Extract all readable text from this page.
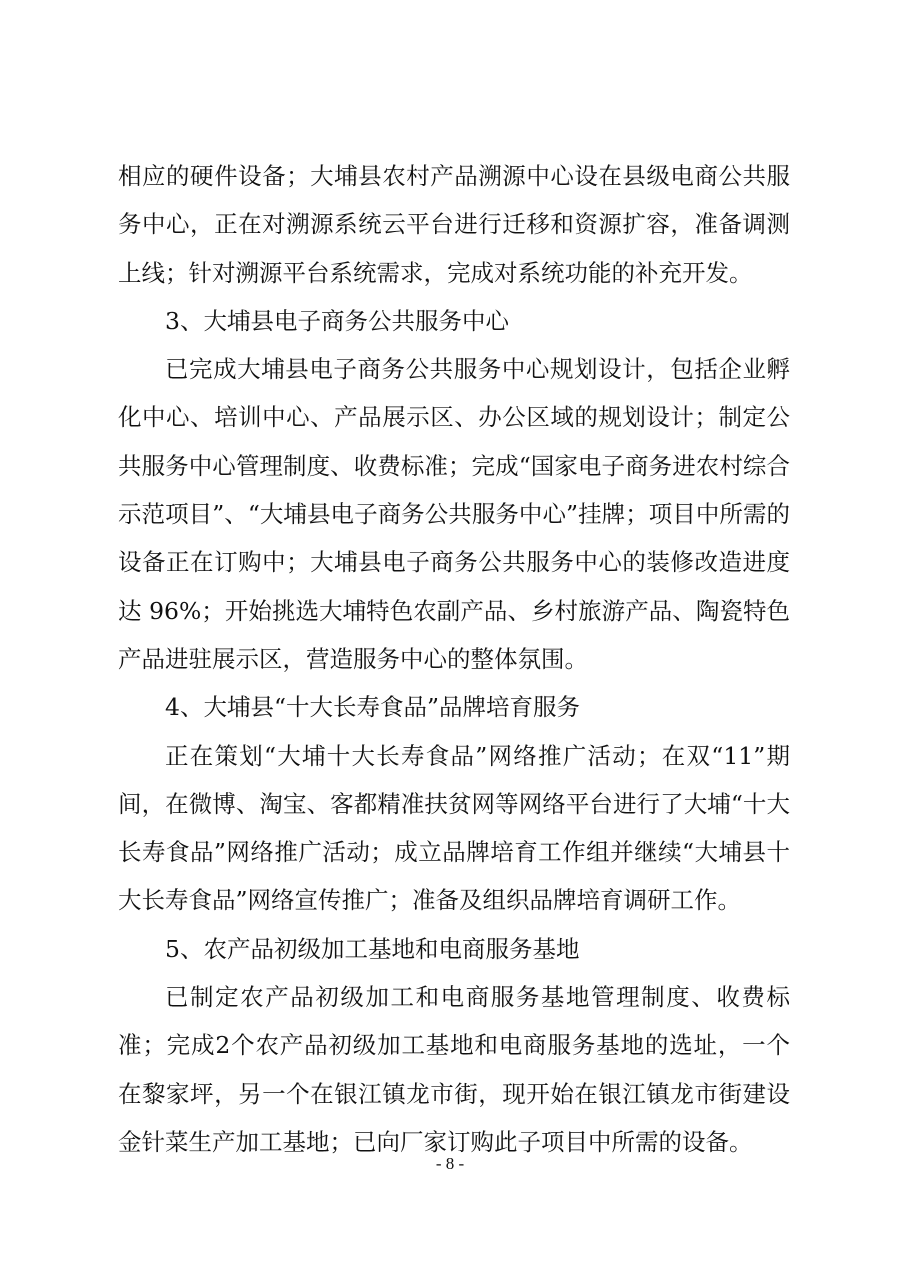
相应的硬件设备；大埔县农村产品溯源中心设在县级电商公共服务中心，正在对溯源系统云平台进行迁移和资源扩容，准备调测上线；针对溯源平台系统需求，完成对系统功能的补充开发。

3、大埔县电子商务公共服务中心

已完成大埔县电子商务公共服务中心规划设计，包括企业孵化中心、培训中心、产品展示区、办公区域的规划设计；制定公共服务中心管理制度、收费标准；完成“国家电子商务进农村综合示范项目”、“大埔县电子商务公共服务中心”挂牌；项目中所需的设备正在订购中；大埔县电子商务公共服务中心的装修改造进度达 96%；开始挑选大埔特色农副产品、乡村旅游产品、陶瓷特色产品进驻展示区，营造服务中心的整体氛围。

4、大埔县“十大长寿食品”品牌培育服务

正在策划“大埔十大长寿食品”网络推广活动；在双“11”期间，在微博、淘宝、客都精准扶贫网等网络平台进行了大埔“十大长寿食品”网络推广活动；成立品牌培育工作组并继续“大埔县十大长寿食品”网络宣传推广；准备及组织品牌培育调研工作。

5、农产品初级加工基地和电商服务基地

已制定农产品初级加工和电商服务基地管理制度、收费标准；完成2个农产品初级加工基地和电商服务基地的选址，一个在黎家坪，另一个在银江镇龙市街，现开始在银江镇龙市街建设金针菜生产加工基地；已向厂家订购此子项目中所需的设备。

- 8 -
